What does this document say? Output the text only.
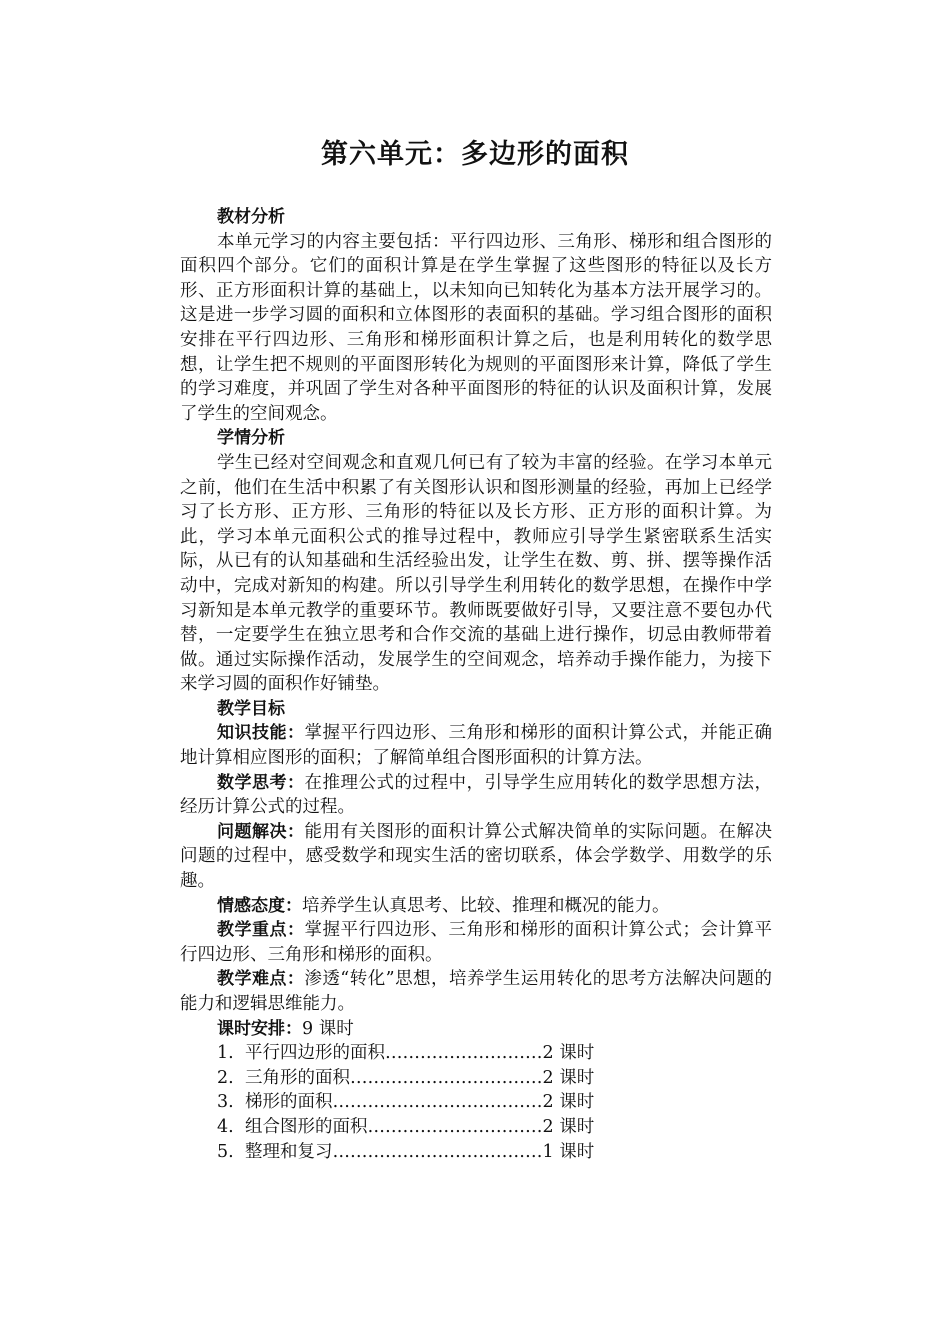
第六单元：多边形的面积

教材分析

本单元学习的内容主要包括：平行四边形、三角形、梯形和组合图形的面积四个部分。它们的面积计算是在学生掌握了这些图形的特征以及长方形、正方形面积计算的基础上，以未知向已知转化为基本方法开展学习的。这是进一步学习圆的面积和立体图形的表面积的基础。学习组合图形的面积安排在平行四边形、三角形和梯形面积计算之后，也是利用转化的数学思想，让学生把不规则的平面图形转化为规则的平面图形来计算，降低了学生的学习难度，并巩固了学生对各种平面图形的特征的认识及面积计算，发展了学生的空间观念。

学情分析

学生已经对空间观念和直观几何已有了较为丰富的经验。在学习本单元之前，他们在生活中积累了有关图形认识和图形测量的经验，再加上已经学习了长方形、正方形、三角形的特征以及长方形、正方形的面积计算。为此，学习本单元面积公式的推导过程中，教师应引导学生紧密联系生活实际，从已有的认知基础和生活经验出发，让学生在数、剪、拼、摆等操作活动中，完成对新知的构建。所以引导学生利用转化的数学思想，在操作中学习新知是本单元教学的重要环节。教师既要做好引导，又要注意不要包办代替，一定要学生在独立思考和合作交流的基础上进行操作，切忌由教师带着做。通过实际操作活动，发展学生的空间观念，培养动手操作能力，为接下来学习圆的面积作好铺垫。

教学目标

知识技能：掌握平行四边形、三角形和梯形的面积计算公式，并能正确地计算相应图形的面积；了解简单组合图形面积的计算方法。

数学思考：在推理公式的过程中，引导学生应用转化的数学思想方法，经历计算公式的过程。

问题解决：能用有关图形的面积计算公式解决简单的实际问题。在解决问题的过程中，感受数学和现实生活的密切联系，体会学数学、用数学的乐趣。

情感态度：培养学生认真思考、比较、推理和概况的能力。

教学重点：掌握平行四边形、三角形和梯形的面积计算公式；会计算平行四边形、三角形和梯形的面积。

教学难点：渗透“转化”思想，培养学生运用转化的思考方法解决问题的能力和逻辑思维能力。

课时安排：9 课时

1. 平行四边形的面积………………………2 课时
2. 三角形的面积……………………………2 课时
3. 梯形的面积………………………………2 课时
4. 组合图形的面积…………………………2 课时
5. 整理和复习………………………………1 课时
